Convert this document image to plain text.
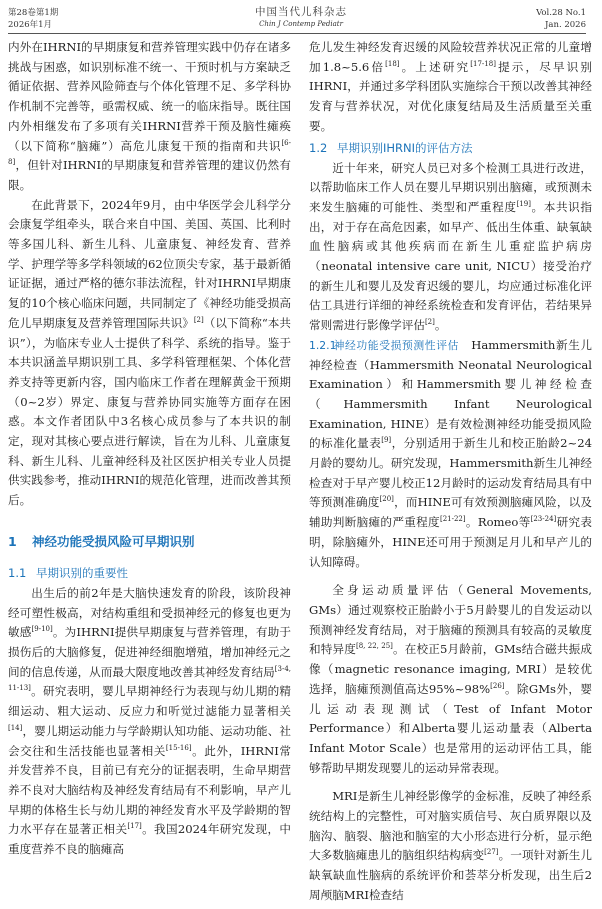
第28卷第1期
2026年1月
中国当代儿科杂志
Chin J Contemp Pediatr
Vol.28 No.1
Jan. 2026

内外在IHRNI的早期康复和营养管理实践中仍存在诸多挑战与困惑，如识别标准不统一、干预时机与方案缺乏循证依据、营养风险筛查与个体化管理不足、多学科协作机制不完善等，亟需权威、统一的临床指导。既往国内外相继发布了多项有关IHRNI营养干预及脑性瘫痪（以下简称“脑瘫”）高危儿康复干预的指南和共识[6-8]，但针对IHRNI的早期康复和营养管理的建议仍然有限。

在此背景下，2024年9月，由中华医学会儿科学分会康复学组牵头，联合来自中国、美国、英国、比利时等多国儿科、新生儿科、儿童康复、神经发育、营养学、护理学等多学科领域的62位顶尖专家，基于最新循证证据，通过严格的德尔菲法流程，针对IHRNI早期康复的10个核心临床问题，共同制定了《神经功能受损高危儿早期康复及营养管理国际共识》[2]（以下简称“本共识”），为临床专业人士提供了科学、系统的指导。鉴于本共识涵盖早期识别工具、多学科管理框架、个体化营养支持等更新内容，国内临床工作者在理解黄金干预期（0~2岁）界定、康复与营养协同实施等方面存在困惑。本文作者团队中3名核心成员参与了本共识的制定，现对其核心要点进行解读，旨在为儿科、儿童康复科、新生儿科、儿童神经科及社区医护相关专业人员提供实践参考，推动IHRNI的规范化管理，进而改善其预后。

1 神经功能受损风险可早期识别
1.1 早期识别的重要性

出生后的前2年是大脑快速发育的阶段，该阶段神经可塑性极高，对结构重组和受损神经元的修复也更为敏感[9-10]。为IHRNI提供早期康复与营养管理，有助于损伤后的大脑修复，促进神经细胞增殖，增加神经元之间的信息传递，从而最大限度地改善其神经发育结局[3-4, 11-13]。研究表明，婴儿早期神经行为表现与幼儿期的精细运动、粗大运动、反应力和听觉过滤能力显著相关[14]，婴儿期运动能力与学龄期认知功能、运动功能、社会交往和生活技能也显著相关[15-16]。此外，IHRNI常并发营养不良，目前已有充分的证据表明，生命早期营养不良对大脑结构及神经发育结局有不利影响，早产儿早期的体格生长与幼儿期的神经发育水平及学龄期的智力水平存在显著正相关[17]。我国2024年研究发现，中重度营养不良的脑瘫高

危儿发生神经发育迟缓的风险较营养状况正常的儿童增加1.8~5.6倍[18]。上述研究[17-18]提示，尽早识别IHRNI，并通过多学科团队实施综合干预以改善其神经发育与营养状况，对优化康复结局及生活质量至关重要。

1.2 早期识别IHRNI的评估方法

近十年来，研究人员已对多个检测工具进行改进，以帮助临床工作人员在婴儿早期识别出脑瘫，或预测未来发生脑瘫的可能性、类型和严重程度[19]。本共识指出，对于存在高危因素，如早产、低出生体重、缺氧缺血性脑病或其他疾病而在新生儿重症监护病房（neonatal intensive care unit, NICU）接受治疗的新生儿和婴儿及发育迟缓的婴儿，均应通过标准化评估工具进行详细的神经系统检查和发育评估，若结果异常则需进行影像学评估[2]。

1.2.1神经功能受损预测性评估　 Hammersmith新生儿神经检查（Hammersmith Neonatal Neurological Examination）和Hammersmith婴儿神经检查（Hammersmith Infant Neurological Examination, HINE）是有效检测神经功能受损风险的标准化量表[9]，分别适用于新生儿和校正胎龄2~24月龄的婴幼儿。研究发现，Hammersmith新生儿神经检查对于早产婴儿校正12月龄时的运动发育结局具有中等预测准确度[20]，而HINE可有效预测脑瘫风险，以及辅助判断脑瘫的严重程度[21-22]。Romeo等[23-24]研究表明，除脑瘫外，HINE还可用于预测足月儿和早产儿的认知障碍。

全身运动质量评估（General Movements, GMs）通过观察校正胎龄小于5月龄婴儿的自发运动以预测神经发育结局，对于脑瘫的预测具有较高的灵敏度和特异度[8, 22, 25]。在校正5月龄前，GMs结合磁共振成像（magnetic resonance imaging, MRI）是较优选择，脑瘫预测值高达95%~98%[26]。除GMs外，婴儿运动表现测试（Test of Infant Motor Performance）和Alberta婴儿运动量表（Alberta Infant Motor Scale）也是常用的运动评估工具，能够帮助早期发现婴儿的运动异常表现。

MRI是新生儿神经影像学的金标准，反映了神经系统结构上的完整性，可对脑实质信号、灰白质界限以及脑沟、脑裂、脑池和脑室的大小形态进行分析，显示绝大多数脑瘫患儿的脑组织结构病变[27]。一项针对新生儿缺氧缺血性脑病的系统评价和荟萃分析发现，出生后2周颅脑MRI检查结
